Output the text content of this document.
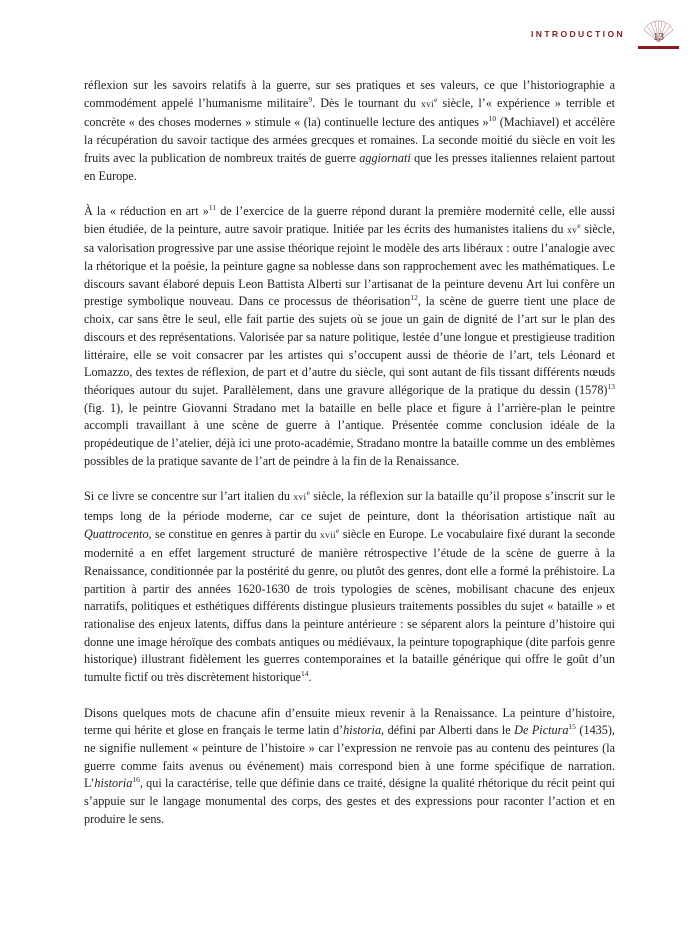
INTRODUCTION	13

réflexion sur les savoirs relatifs à la guerre, sur ses pratiques et ses valeurs, ce que l’historiographie a commodément appelé l’humanisme militaire$^9$. Dès le tournant du xvi$^e$ siècle, l’« expérience » terrible et concrète « des choses modernes » stimule « (la) continuelle lecture des antiques »$^{10}$ (Machiavel) et accélère la récupération du savoir tactique des armées grecques et romaines. La seconde moitié du siècle en voit les fruits avec la publication de nombreux traités de guerre aggiornati que les presses italiennes relaient partout en Europe.

À la « réduction en art »$^{11}$ de l’exercice de la guerre répond durant la première modernité celle, elle aussi bien étudiée, de la peinture, autre savoir pratique. Initiée par les écrits des humanistes italiens du $xv^e$ siècle, sa valorisation progressive par une assise théorique rejoint le modèle des arts libéraux : outre l’analogie avec la rhétorique et la poésie, la peinture gagne sa noblesse dans son rapprochement avec les mathématiques. Le discours savant élaboré depuis Leon Battista Alberti sur l’artisanat de la peinture devenu Art lui confère un prestige symbolique nouveau. Dans ce processus de théorisation$^{12}$, la scène de guerre tient une place de choix, car sans être le seul, elle fait partie des sujets où se joue un gain de dignité de l’art sur le plan des discours et des représentations. Valorisée par sa nature politique, lestée d’une longue et prestigieuse tradition littéraire, elle se voit consacrer par les artistes qui s’occupent aussi de théorie de l’art, tels Léonard et Lomazzo, des textes de réflexion, de part et d’autre du siècle, qui sont autant de fils tissant différents nœuds théoriques autour du sujet. Parallèlement, dans une gravure allégorique de la pratique du dessin $(1578)^{13}$ (fig. 1), le peintre Giovanni Stradano met la bataille en belle place et figure à l’arrière-plan le peintre accompli travaillant à une scène de guerre à l’antique. Présentée comme conclusion idéale de la propédeutique de l’atelier, déjà ici une proto-académie, Stradano montre la bataille comme un des emblèmes possibles de la pratique savante de l’art de peindre à la fin de la Renaissance.

Si ce livre se concentre sur l’art italien du xvi$^e$ siècle, la réflexion sur la bataille qu’il propose s’inscrit sur le temps long de la période moderne, car ce sujet de peinture, dont la théorisation artistique naît au Quattrocento, se constitue en genres à partir du xvii$^e$ siècle en Europe. Le vocabulaire fixé durant la seconde modernité a en effet largement structuré de manière rétrospective l’étude de la scène de guerre à la Renaissance, conditionnée par la postérité du genre, ou plutôt des genres, dont elle a formé la préhistoire. La partition à partir des années 1620-1630 de trois typologies de scènes, mobilisant chacune des enjeux narratifs, politiques et esthétiques différents distingue plusieurs traitements possibles du sujet « bataille » et rationalise des enjeux latents, diffus dans la peinture antérieure : se séparent alors la peinture d’histoire qui donne une image héroïque des combats antiques ou médiévaux, la peinture topographique (dite parfois genre historique) illustrant fidèlement les guerres contemporaines et la bataille générique qui offre le goût d’un tumulte fictif ou très discrètement historique$^{14}$.

Disons quelques mots de chacune afin d’ensuite mieux revenir à la Renaissance. La peinture d’histoire, terme qui hérite et glose en français le terme latin d’historia, défini par Alberti dans le De Pictura$^{15}$ (1435), ne signifie nullement « peinture de l’histoire » car l’expression ne renvoie pas au contenu des peintures (la guerre comme faits avenus ou événement) mais correspond bien à une forme spécifique de narration. L’historia$^{16}$, qui la caractérise, telle que définie dans ce traité, désigne la qualité rhétorique du récit peint qui s’appuie sur le langage monumental des corps, des gestes et des expressions pour raconter l’action et en produire le sens.
